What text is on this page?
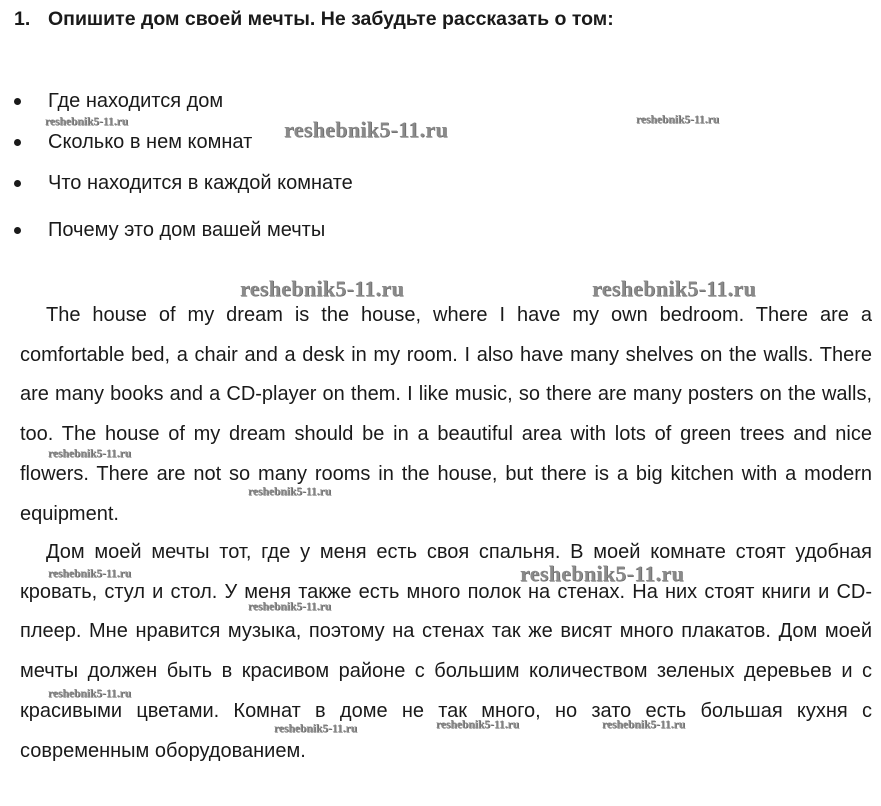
1. Опишите дом своей мечты. Не забудьте рассказать о том:
Где находится дом
Сколько в нем комнат
Что находится в каждой комнате
Почему это дом вашей мечты

The house of my dream is the house, where I have my own bedroom. There are a comfortable bed, a chair and a desk in my room. I also have many shelves on the walls. There are many books and a CD-player on them. I like music, so there are many posters on the walls, too. The house of my dream should be in a beautiful area with lots of green trees and nice flowers. There are not so many rooms in the house, but there is a big kitchen with a modern equipment.

Дом моей мечты тот, где у меня есть своя спальня. В моей комнате стоят удобная кровать, стул и стол. У меня также есть много полок на стенах. На них стоят книги и CD-плеер. Мне нравится музыка, поэтому на стенах так же висят много плакатов. Дом моей мечты должен быть в красивом районе с большим количеством зеленых деревьев и с красивыми цветами. Комнат в доме не так много, но зато есть большая кухня с современным оборудованием.

reshebnik5-11.ru	reshebnik5-11.ru	reshebnik5-11.ru
reshebnik5-11.ru	reshebnik5-11.ru
reshebnik5-11.ru
reshebnik5-11.ru
reshebnik5-11.ru	reshebnik5-11.ru
reshebnik5-11.ru
reshebnik5-11.ru
reshebnik5-11.ru	reshebnik5-11.ru	reshebnik5-11.ru
